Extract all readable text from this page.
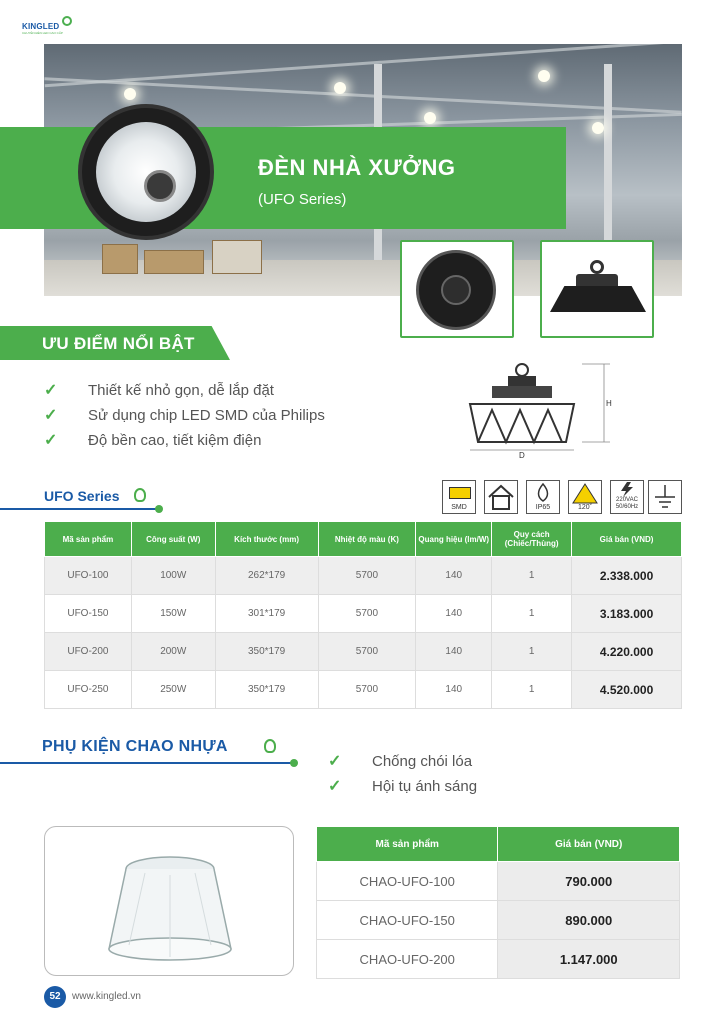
KINGLED
CHUYÊN ĐÈN LED CAO CẤP
ĐÈN NHÀ XƯỞNG
(UFO Series)
ƯU ĐIỂM NỔI BẬT
✓ Thiết kế nhỏ gọn, dễ lắp đặt
✓ Sử dụng chip LED SMD của Philips
✓ Độ bền cao, tiết kiệm điện
H
D
UFO Series
SMD	IP65	120˚
220VAC
50/60Hz
Mã sản phẩm	Công suất (W)	Kích thước (mm)	Nhiệt độ màu (K)	Quang hiệu (lm/W)	Quy cách (Chiếc/Thùng)	Giá bán (VND)
UFO-100	100W	262*179	5700	140	1	2.338.000
UFO-150	150W	301*179	5700	140	1	3.183.000
UFO-200	200W	350*179	5700	140	1	4.220.000
UFO-250	250W	350*179	5700	140	1	4.520.000
PHỤ KIỆN CHAO NHỰA
✓ Chống chói lóa
✓ Hội tụ ánh sáng
Mã sản phẩm	Giá bán (VND)
CHAO-UFO-100	790.000
CHAO-UFO-150	890.000
CHAO-UFO-200	1.147.000
52	www.kingled.vn
